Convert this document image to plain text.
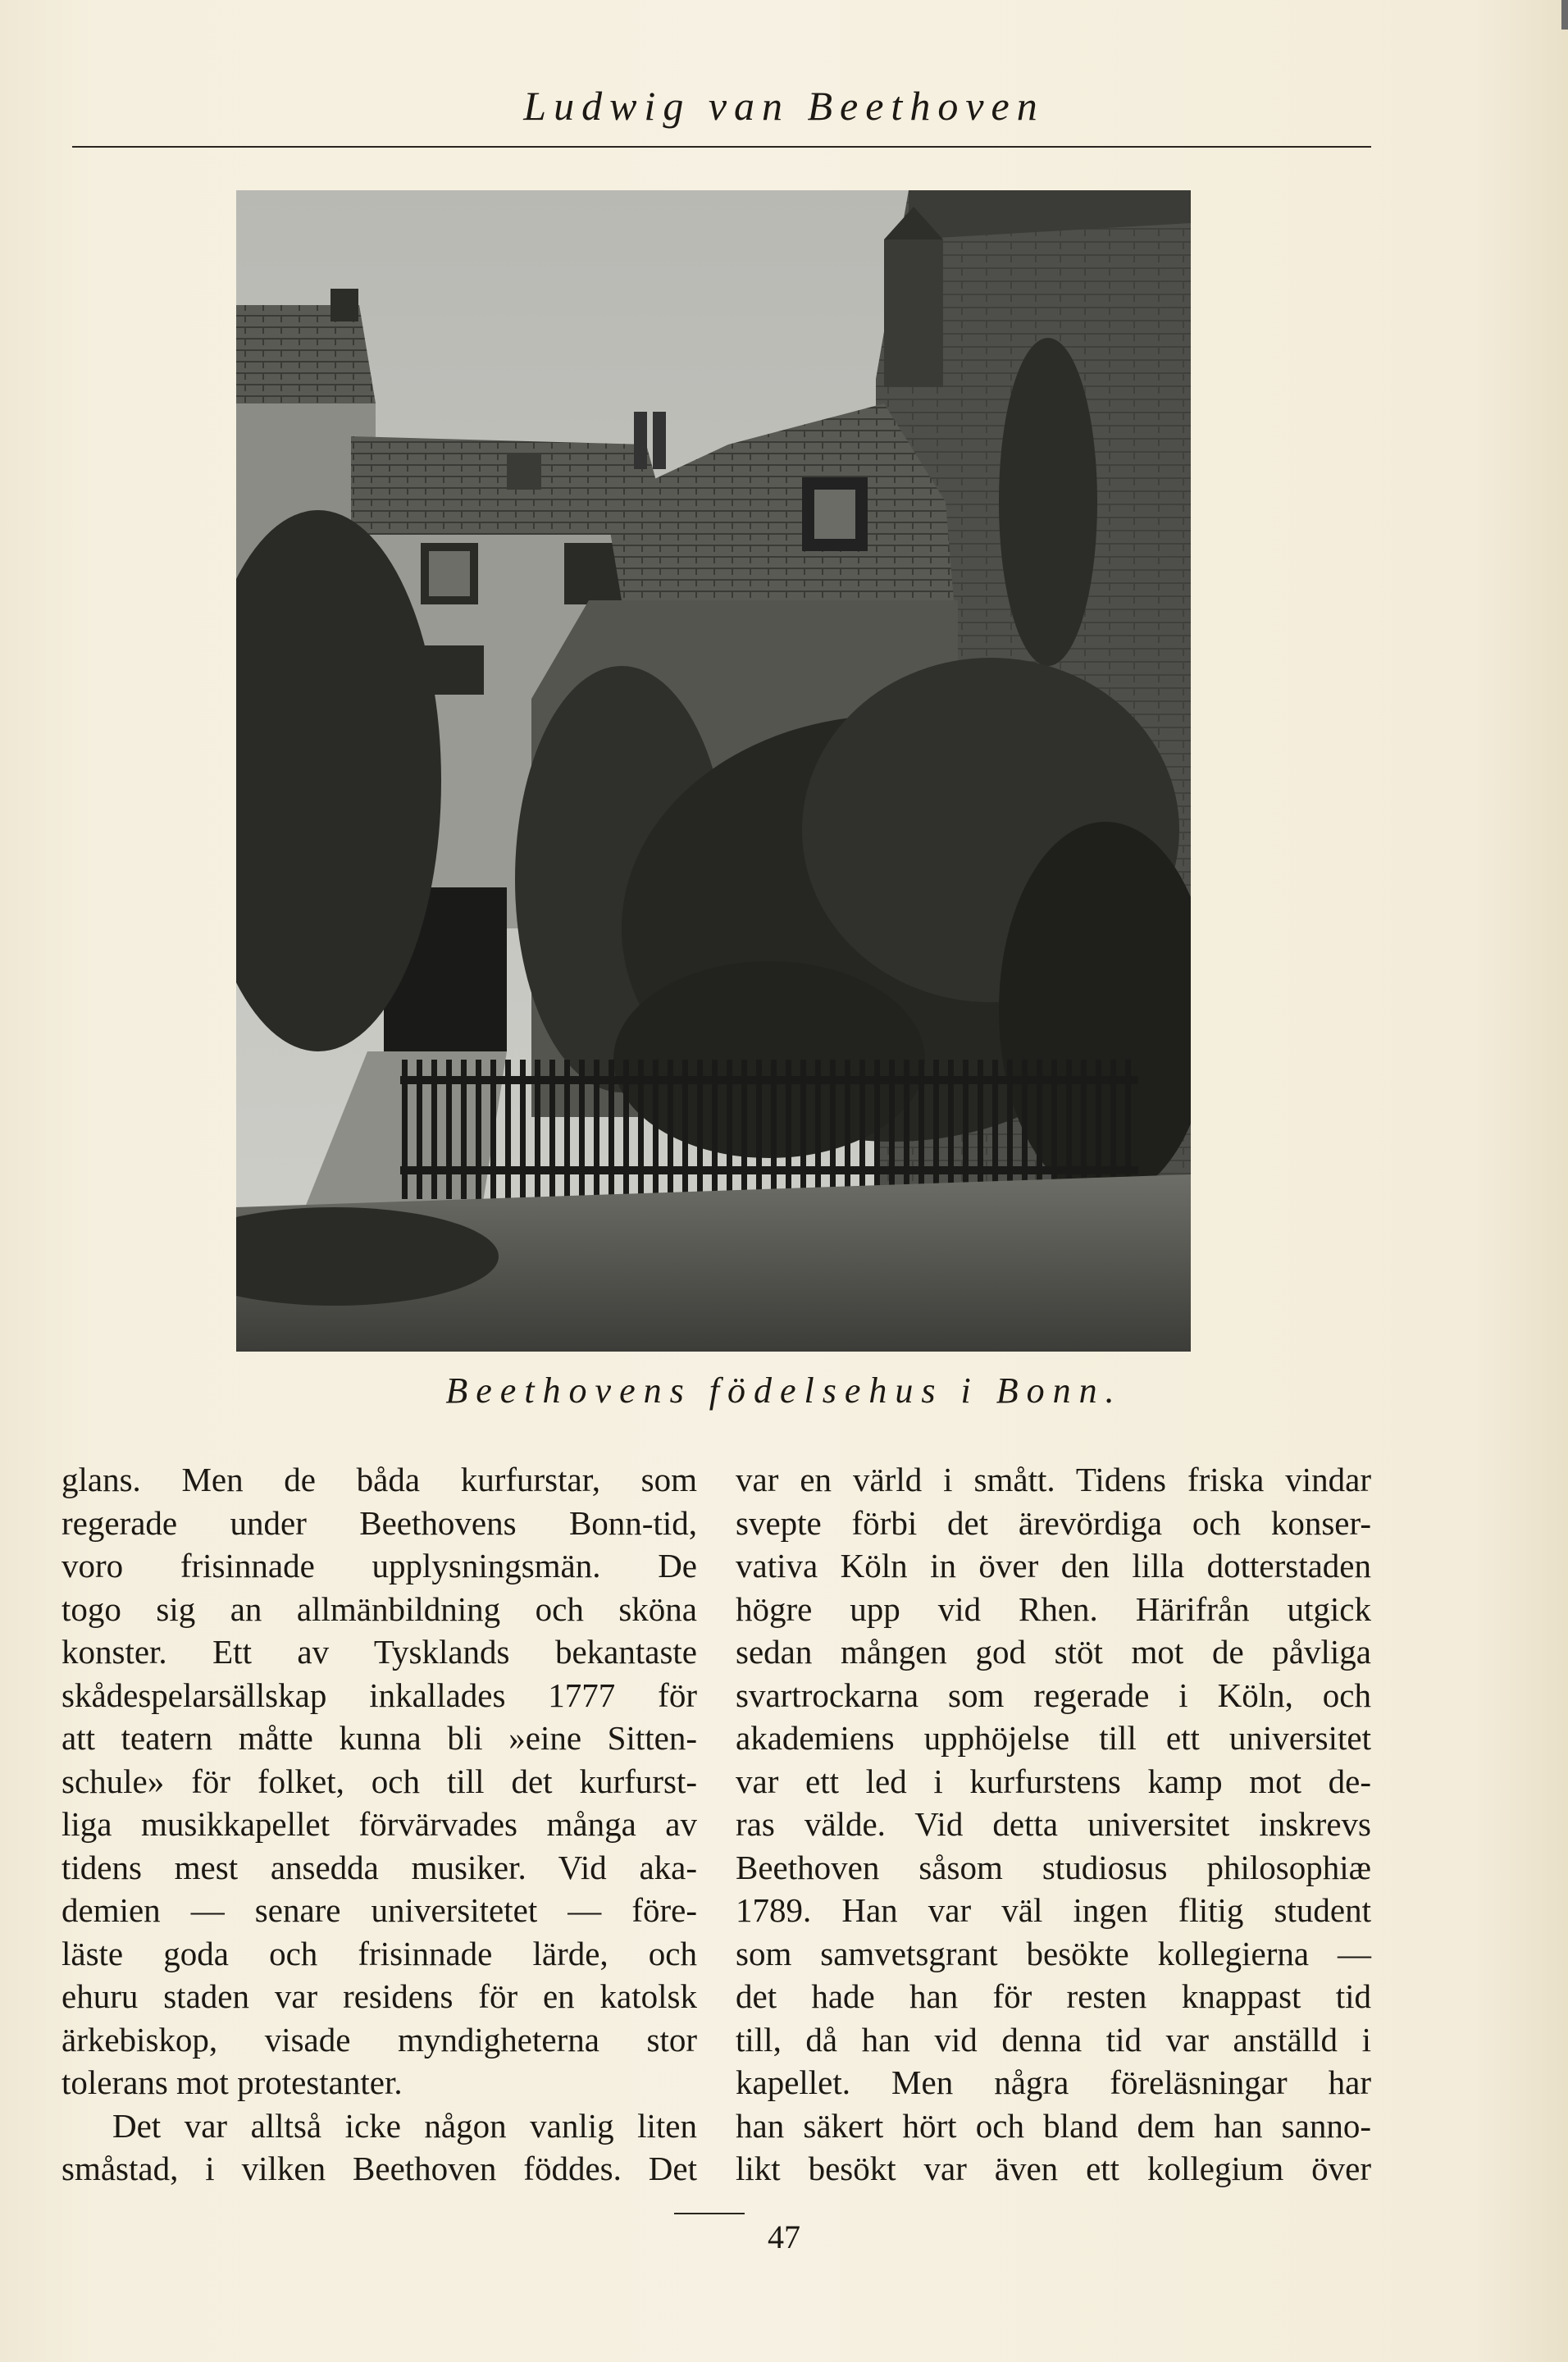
Ludwig van Beethoven
Beethovens födelsehus i Bonn.
glans. Men de båda kurfurstar, som
regerade under Beethovens Bonn-tid,
voro frisinnade upplysningsmän. De
togo sig an allmänbildning och sköna
konster. Ett av Tysklands bekantaste
skådespelarsällskap inkallades 1777 för
att teatern måtte kunna bli »eine Sitten-
schule» för folket, och till det kurfurst-
liga musikkapellet förvärvades många av
tidens mest ansedda musiker. Vid aka-
demien — senare universitetet — före-
läste goda och frisinnade lärde, och
ehuru staden var residens för en katolsk
ärkebiskop, visade myndigheterna stor
tolerans mot protestanter.
Det var alltså icke någon vanlig liten
småstad, i vilken Beethoven föddes. Det
var en värld i smått. Tidens friska vindar
svepte förbi det ärevördiga och konser-
vativa Köln in över den lilla dotterstaden
högre upp vid Rhen. Härifrån utgick
sedan mången god stöt mot de påvliga
svartrockarna som regerade i Köln, och
akademiens upphöjelse till ett universitet
var ett led i kurfurstens kamp mot de-
ras välde. Vid detta universitet inskrevs
Beethoven såsom studiosus philosophiæ
1789. Han var väl ingen flitig student
som samvetsgrant besökte kollegierna —
det hade han för resten knappast tid
till, då han vid denna tid var anställd i
kapellet. Men några föreläsningar har
han säkert hört och bland dem han sanno-
likt besökt var även ett kollegium över
47
